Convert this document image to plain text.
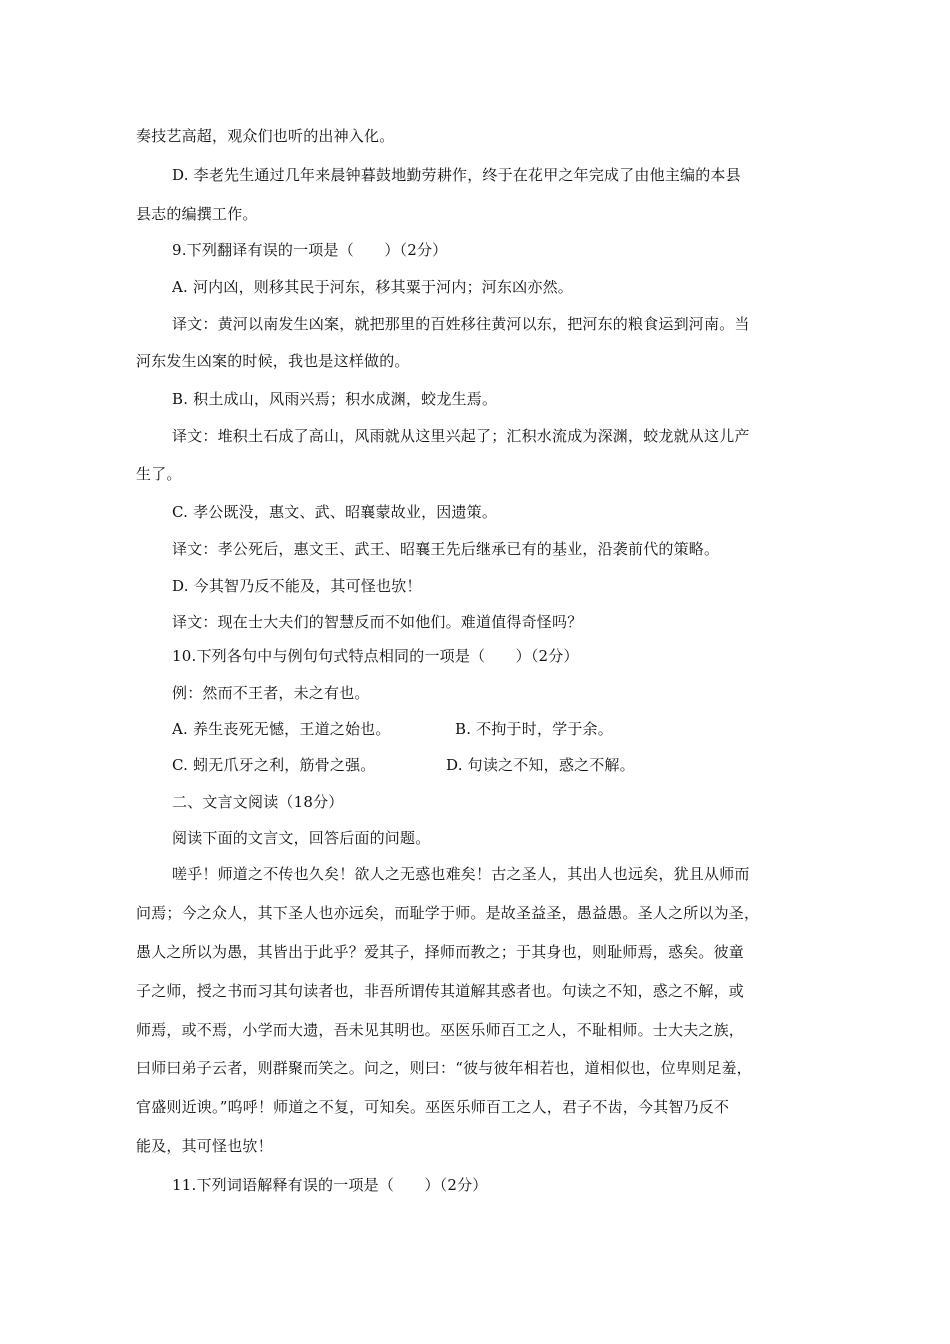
奏技艺高超，观众们也听的出神入化。
D. 李老先生通过几年来晨钟暮鼓地勤劳耕作，终于在花甲之年完成了由他主编的本县
县志的编撰工作。
9.下列翻译有误的一项是（　　）（2分）
A. 河内凶，则移其民于河东，移其粟于河内；河东凶亦然。
译文：黄河以南发生凶案，就把那里的百姓移往黄河以东，把河东的粮食运到河南。当
河东发生凶案的时候，我也是这样做的。
B. 积土成山，风雨兴焉；积水成渊，蛟龙生焉。
译文：堆积土石成了高山，风雨就从这里兴起了；汇积水流成为深渊，蛟龙就从这儿产
生了。
C. 孝公既没，惠文、武、昭襄蒙故业，因遗策。
译文：孝公死后，惠文王、武王、昭襄王先后继承已有的基业，沿袭前代的策略。
D. 今其智乃反不能及，其可怪也欤！
译文：现在士大夫们的智慧反而不如他们。难道值得奇怪吗？
10.下列各句中与例句句式特点相同的一项是（　　）（2分）
例：然而不王者，未之有也。
A. 养生丧死无憾，王道之始也。	B. 不拘于时，学于余。
C. 蚓无爪牙之利，筋骨之强。	D. 句读之不知，惑之不解。
二、文言文阅读（18分）
阅读下面的文言文，回答后面的问题。
嗟乎！师道之不传也久矣！欲人之无惑也难矣！古之圣人，其出人也远矣，犹且从师而
问焉；今之众人，其下圣人也亦远矣，而耻学于师。是故圣益圣，愚益愚。圣人之所以为圣，
愚人之所以为愚，其皆出于此乎？爱其子，择师而教之；于其身也，则耻师焉，惑矣。彼童
子之师，授之书而习其句读者也，非吾所谓传其道解其惑者也。句读之不知，惑之不解，或
师焉，或不焉，小学而大遗，吾未见其明也。巫医乐师百工之人，不耻相师。士大夫之族，
曰师曰弟子云者，则群聚而笑之。问之，则曰：“彼与彼年相若也，道相似也，位卑则足羞，
官盛则近谀。”呜呼！师道之不复，可知矣。巫医乐师百工之人，君子不齿，今其智乃反不
能及，其可怪也欤！
11.下列词语解释有误的一项是（　　）（2分）
